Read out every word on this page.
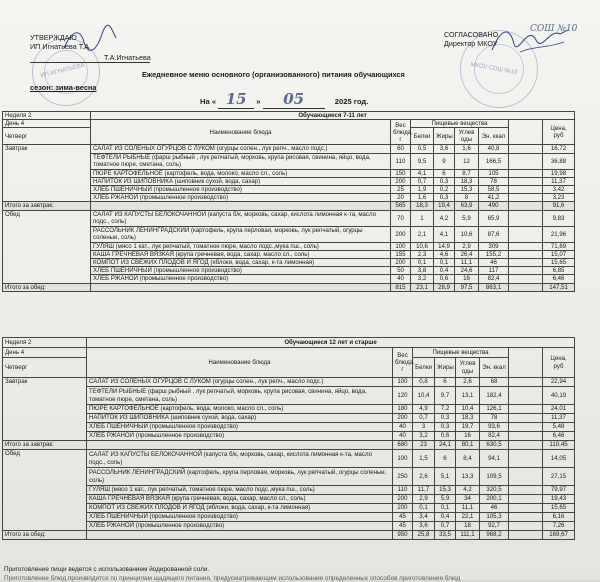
ИП ИГНАТЬЕВА	МКОУ СОШ №10
УТВЕРЖДАЮ
ИП Игнатьева Т.А
Т.А.Игнатьева
СОГЛАСОВАНО
Директор МКОУ
СОШ №10
Ежедневное меню основного (организованного) питания обучающихся
сезон: зима-весна
На « 15 » 05	2025 год.
Неделя 2	Обучающиеся 7-11 лет							
День 4	Наименование блюда	Вес блюда, г	Пищевые вещества					Цена, руб
Четверг			Белки	Жиры	Углев оды	Эн. ккал		
Завтрак	САЛАТ ИЗ СОЛЕНЫХ ОГУРЦОВ С ЛУКОМ (огурцы солен., лук репч., масло подс.)	60	0,5	3,6	1,6	40,8		16,72
	ТЕФТЕЛИ РЫБНЫЕ (фарш рыбный , лук репчатый, морковь, крупа рисовая, свинина, яйцо, вода, томатное пюре, сметана, соль)	110	9,5	9	12	166,5		36,88
	ПЮРЕ КАРТОФЕЛЬНОЕ (картофель, вода, молоко, масло сл., соль)	150	4,1	6	8,7	105		19,98
	НАПИТОК ИЗ ШИПОВНИКА (шиповник сухой, вода, сахар)	200	0,7	0,3	18,3	78		11,37
	ХЛЕБ ПШЕНИЧНЫЙ (промышленное производство)	25	1,9	0,2	15,3	58,5		3,42
	ХЛЕБ РЖАНОЙ (промышленное производство)	20	1,6	0,3	8	41,2		3,23
Итого за завтрак:		565	18,3	19,4	63,9	490		91,6
Обед	САЛАТ ИЗ КАПУСТЫ БЕЛОКОЧАННОЙ (капуста б/к, морковь, сахар, кислота лимонная к-та, масло подс., соль)	70	1	4,2	5,9	65,9		9,83
	РАССОЛЬНИК ЛЕНИНГРАДСКИЙ (картофель, крупа перловая, морковь, лук репчатый, огурцы соленые, соль)	200	2,1	4,1	10,6	87,6		21,96
	ГУЛЯШ (мясо 1 кат., лук репчатый, томатное пюре, масло подс.,мука пш., соль)	100	10,6	14,9	2,9	309		71,69
	КАША ГРЕЧНЕВАЯ ВЯЗКАЯ (крупа гречневая, вода, сахар, масло сл., соль)	155	2,3	4,6	26,4	155,2		15,07
	КОМПОТ ИЗ СВЕЖИХ ПЛОДОВ И ЯГОД (яблоки, вода, сахар, к-та лимонная)	200	0,1	0,1	11,1	46		15,65
	ХЛЕБ ПШЕНИЧНЫЙ (промышленное производство)	50	3,8	0,4	24,6	117		6,85
	ХЛЕБ РЖАНОЙ (промышленное производство)	40	3,2	0,6	16	82,4		6,46
Итого за обед:		815	23,1	28,9	97,5	863,1		147,51
Неделя 2	Обучающиеся 12 лет и старше							
День 4	Наименование блюда	Вес блюда, г	Пищевые вещества					Цена, руб
Четверг			Белки	Жиры	Углев оды	Эн. ккал		
Завтрак	САЛАТ ИЗ СОЛЕНЫХ ОГУРЦОВ С ЛУКОМ (огурцы солен., лук репч., масло подс.)	100	0,8	6	2,6	68		22,94
	ТЕФТЕЛИ РЫБНЫЕ (фарш рыбный , лук репчатый, морковь, крупа рисовая, свинина, яйцо, вода, томатное пюре, сметана, соль)	120	10,4	9,7	13,1	182,4		40,19
	ПЮРЕ КАРТОФЕЛЬНОЕ (картофель, вода, молоко, масло сл., соль)	180	4,9	7,2	10,4	126,1		24,01
	НАПИТОК ИЗ ШИПОВНИКА (шиповник сухой, вода, сахар)	200	0,7	0,3	18,3	78		11,37
	ХЛЕБ ПШЕНИЧНЫЙ (промышленное производство)	40	3	0,3	19,7	93,6		5,48
	ХЛЕБ РЖАНОЙ (промышленное производство)	40	3,2	0,6	16	82,4		6,46
Итого за завтрак:		680	23	24,1	80,1	630,5		110,45
Обед	САЛАТ ИЗ КАПУСТЫ БЕЛОКОЧАННОЙ (капуста б/к, морковь, сахар, кислота лимонная к-та, масло подс., соль)	100	1,5	6	8,4	94,1		14,05
	РАССОЛЬНИК ЛЕНИНГРАДСКИЙ (картофель, крупа перловая, морковь, лук репчатый, огурцы соленые, соль)	250	2,6	5,1	13,3	109,5		27,15
	ГУЛЯШ (мясо 1 кат., лук репчатый, томатное пюре, масло подс.,мука пш., соль)	110	11,7	15,3	4,2	320,5		79,97
	КАША ГРЕЧНЕВАЯ ВЯЗКАЯ (крупа гречневая, вода, сахар, масло сл., соль)	200	2,9	5,9	34	200,1		19,43
	КОМПОТ ИЗ СВЕЖИХ ПЛОДОВ И ЯГОД (яблоки, вода, сахар, к-та лимонная)	200	0,1	0,1	11,1	46		15,65
	ХЛЕБ ПШЕНИЧНЫЙ (промышленное производство)	45	3,4	0,4	22,1	105,3		6,16
	ХЛЕБ РЖАНОЙ (промышленное производство)	45	3,6	0,7	18	92,7		7,26
Итого за обед:		950	25,8	33,5	111,1	968,2		169,67
Приготовление пищи ведется с использованием йодированной соли.
Приготовление блюд производится по принципам щадящего питания, предусматривающим использование определенных способов приготовления блюд
